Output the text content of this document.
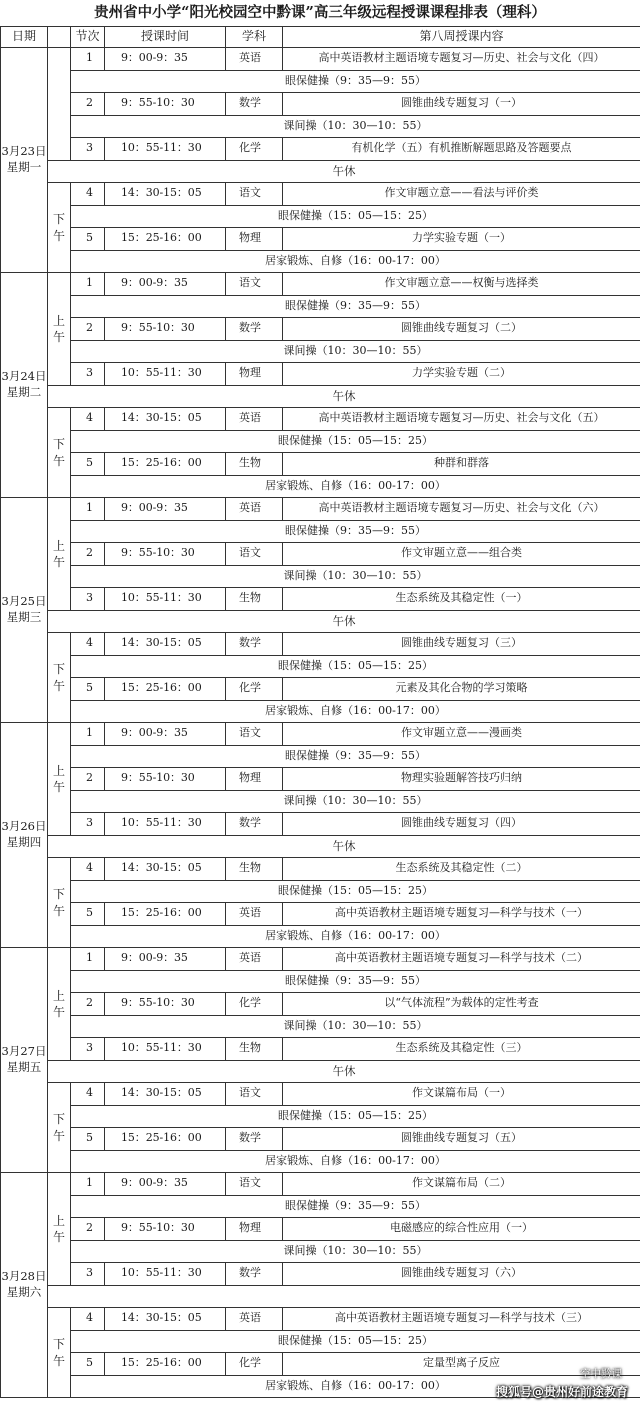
贵州省中小学“阳光校园空中黔课”高三年级远程授课课程排表（理科）
日期		节次	授课时间	学科	第八周授课内容
3月23日星期一		1	9：00-9：35	英语	高中英语教材主题语境专题复习—历史、社会与文化（四）
		眼保健操（9：35—9：55）			
		2	9：55-10：30	数学	圆锥曲线专题复习（一）
		课间操（10：30—10：55）			
		3	10：55-11：30	化学	有机化学（五）有机推断解题思路及答题要点
	午休				
	下午	4	14：30-15：05	语文	作文审题立意——看法与评价类
		眼保健操（15：05—15：25）			
		5	15：25-16：00	物理	力学实验专题（一）
		居家锻炼、自修（16：00-17：00）			
3月24日星期二	上午	1	9：00-9：35	语文	作文审题立意——权衡与选择类
		眼保健操（9：35—9：55）			
		2	9：55-10：30	数学	圆锥曲线专题复习（二）
		课间操（10：30—10：55）			
		3	10：55-11：30	物理	力学实验专题（二）
	午休				
	下午	4	14：30-15：05	英语	高中英语教材主题语境专题复习—历史、社会与文化（五）
		眼保健操（15：05—15：25）			
		5	15：25-16：00	生物	种群和群落
		居家锻炼、自修（16：00-17：00）			
3月25日星期三	上午	1	9：00-9：35	英语	高中英语教材主题语境专题复习—历史、社会与文化（六）
		眼保健操（9：35—9：55）			
		2	9：55-10：30	语文	作文审题立意——组合类
		课间操（10：30—10：55）			
		3	10：55-11：30	生物	生态系统及其稳定性（一）
	午休				
	下午	4	14：30-15：05	数学	圆锥曲线专题复习（三）
		眼保健操（15：05—15：25）			
		5	15：25-16：00	化学	元素及其化合物的学习策略
		居家锻炼、自修（16：00-17：00）			
3月26日星期四	上午	1	9：00-9：35	语文	作文审题立意——漫画类
		眼保健操（9：35—9：55）			
		2	9：55-10：30	物理	物理实验题解答技巧归纳
		课间操（10：30—10：55）			
		3	10：55-11：30	数学	圆锥曲线专题复习（四）
	午休				
	下午	4	14：30-15：05	生物	生态系统及其稳定性（二）
		眼保健操（15：05—15：25）			
		5	15：25-16：00	英语	高中英语教材主题语境专题复习—科学与技术（一）
		居家锻炼、自修（16：00-17：00）			
3月27日星期五	上午	1	9：00-9：35	英语	高中英语教材主题语境专题复习—科学与技术（二）
		眼保健操（9：35—9：55）			
		2	9：55-10：30	化学	以“气体流程”为载体的定性考查
		课间操（10：30—10：55）			
		3	10：55-11：30	生物	生态系统及其稳定性（三）
	午休				
	下午	4	14：30-15：05	语文	作文谋篇布局（一）
		眼保健操（15：05—15：25）			
		5	15：25-16：00	数学	圆锥曲线专题复习（五）
		居家锻炼、自修（16：00-17：00）			
3月28日星期六	上午	1	9：00-9：35	语文	作文谋篇布局（二）
		眼保健操（9：35—9：55）			
		2	9：55-10：30	物理	电磁感应的综合性应用（一）
		课间操（10：30—10：55）			
		3	10：55-11：30	数学	圆锥曲线专题复习（六）

	下午	4	14：30-15：05	英语	高中英语教材主题语境专题复习—科学与技术（三）
		眼保健操（15：05—15：25）			
		5	15：25-16：00	化学	定量型离子反应
		居家锻炼、自修（16：00-17：00）			
空中黔课
搜狐号@贵州好前途教育
